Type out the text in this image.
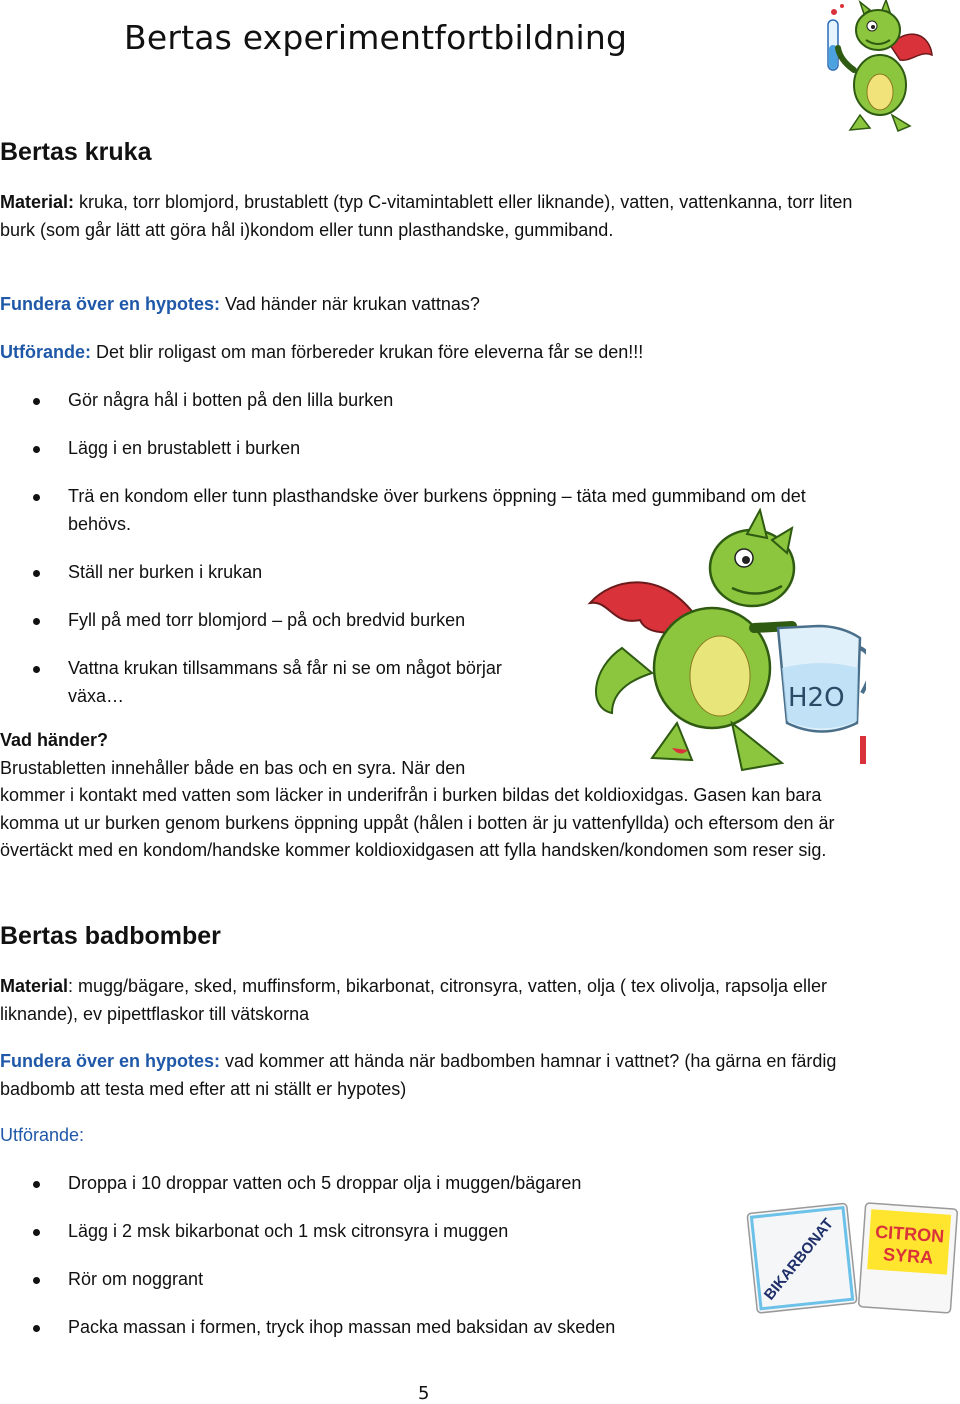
Bertas experimentfortbildning
Bertas kruka
Material: kruka, torr blomjord, brustablett (typ C-vitamintablett eller liknande), vatten, vattenkanna, torr liten burk (som går lätt att göra hål i)kondom eller tunn plasthandske, gummiband.
Fundera över en hypotes: Vad händer när krukan vattnas?
Utförande: Det blir roligast om man förbereder krukan före eleverna får se den!!!
Gör några hål i botten på den lilla burken
Lägg i en brustablett i burken
Trä en kondom eller tunn plasthandske över burkens öppning – täta med gummiband om det behövs.
Ställ ner burken i krukan
Fyll på med torr blomjord – på och bredvid burken
Vattna krukan tillsammans så får ni se om något börjar växa…	H2O
Vad händer?
Brustabletten innehåller både en bas och en syra. När den
kommer i kontakt med vatten som läcker in underifrån i burken bildas det koldioxidgas. Gasen kan bara komma ut ur burken genom burkens öppning uppåt (hålen i botten är ju vattenfyllda) och eftersom den är övertäckt med en kondom/handske kommer koldioxidgasen att fylla handsken/kondomen som reser sig.
Bertas badbomber
Material: mugg/bägare, sked, muffinsform, bikarbonat, citronsyra, vatten, olja ( tex olivolja, rapsolja eller liknande), ev pipettflaskor till vätskorna
Fundera över en hypotes: vad kommer att hända när badbomben hamnar i vattnet? (ha gärna en färdig badbomb att testa med efter att ni ställt er hypotes)
Utförande:
Droppa i 10 droppar vatten och 5 droppar olja i muggen/bägaren
Lägg i 2 msk bikarbonat och 1 msk citronsyra i muggen
Rör om noggrant
Packa massan i formen, tryck ihop massan med baksidan av skeden
BIKARBONAT CITRON
SYRA
5
